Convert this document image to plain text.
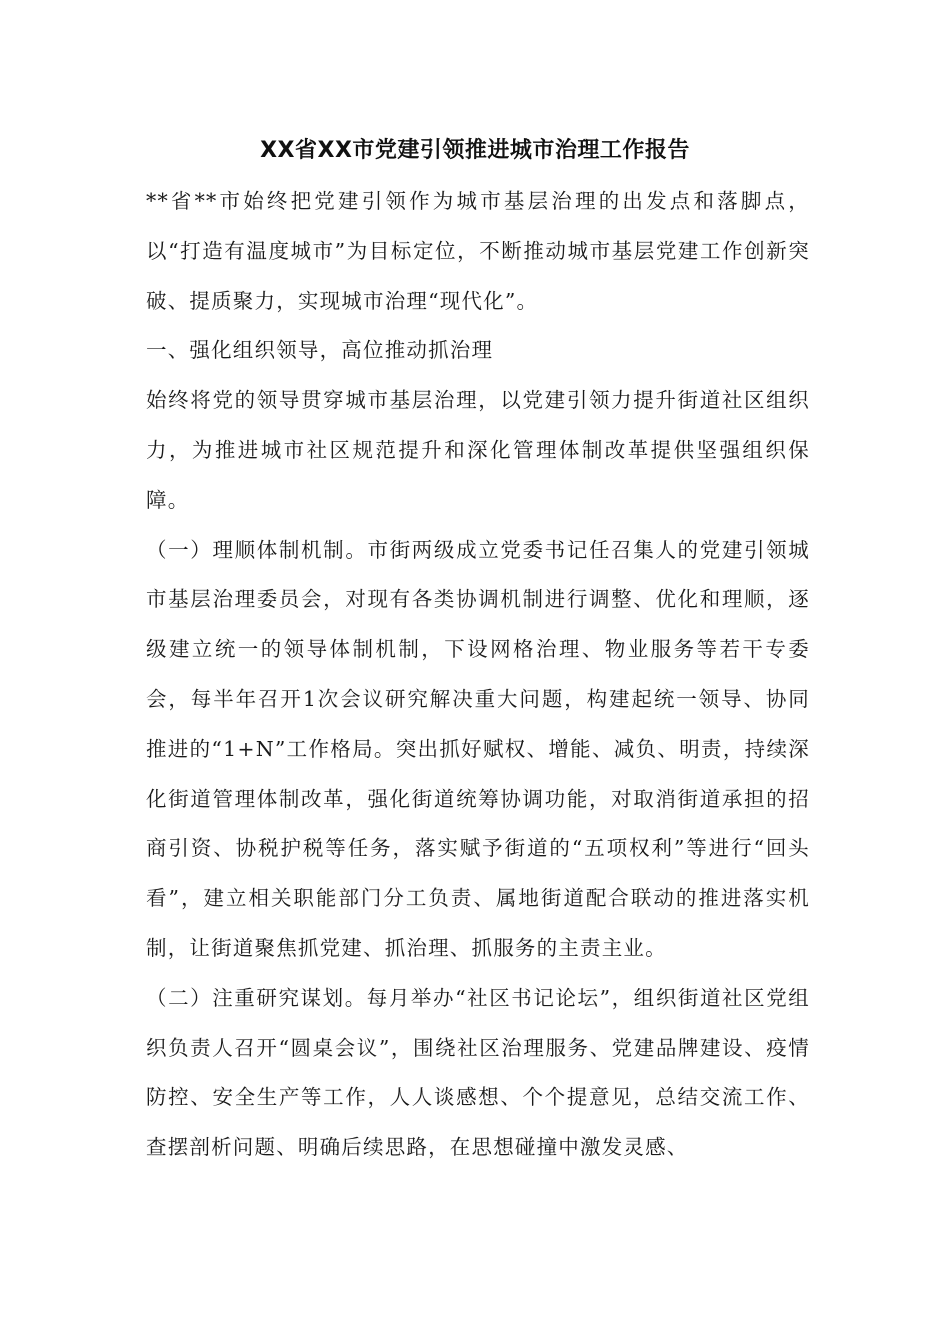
XX省XX市党建引领推进城市治理工作报告

**省**市始终把党建引领作为城市基层治理的出发点和落脚点，以“打造有温度城市”为目标定位，不断推动城市基层党建工作创新突破、提质聚力，实现城市治理“现代化”。

一、强化组织领导，高位推动抓治理

始终将党的领导贯穿城市基层治理，以党建引领力提升街道社区组织力，为推进城市社区规范提升和深化管理体制改革提供坚强组织保障。

（一）理顺体制机制。市街两级成立党委书记任召集人的党建引领城市基层治理委员会，对现有各类协调机制进行调整、优化和理顺，逐级建立统一的领导体制机制，下设网格治理、物业服务等若干专委会，每半年召开1次会议研究解决重大问题，构建起统一领导、协同推进的“1+N”工作格局。突出抓好赋权、增能、减负、明责，持续深化街道管理体制改革，强化街道统筹协调功能，对取消街道承担的招商引资、协税护税等任务，落实赋予街道的“五项权利”等进行“回头看”，建立相关职能部门分工负责、属地街道配合联动的推进落实机制，让街道聚焦抓党建、抓治理、抓服务的主责主业。

（二）注重研究谋划。每月举办“社区书记论坛”，组织街道社区党组织负责人召开“圆桌会议”，围绕社区治理服务、党建品牌建设、疫情防控、安全生产等工作，人人谈感想、个个提意见，总结交流工作、查摆剖析问题、明确后续思路，在思想碰撞中激发灵感、
